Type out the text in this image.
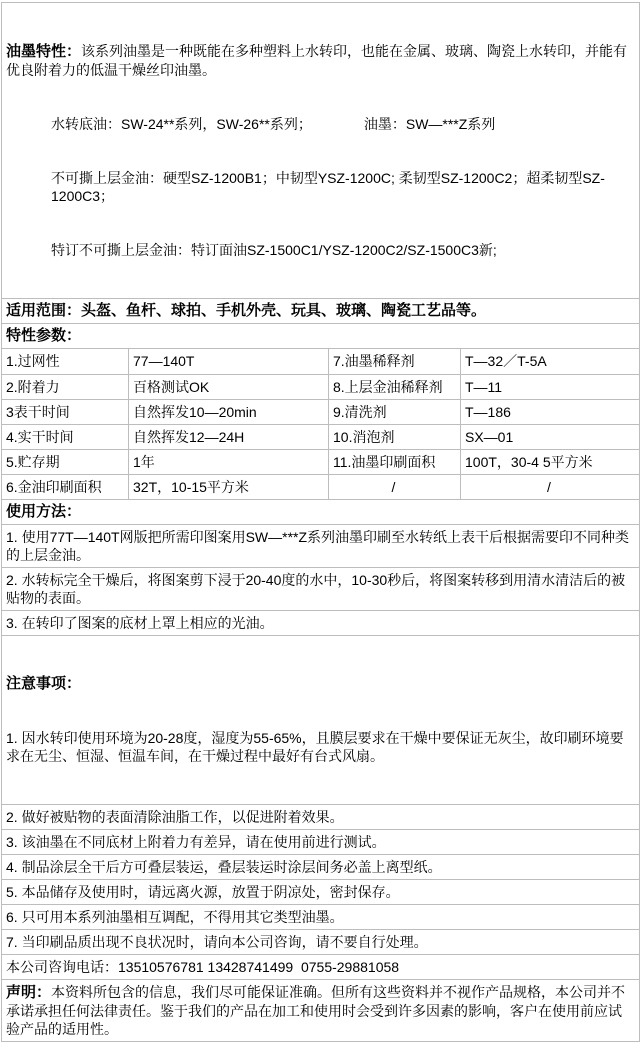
油墨特性：该系列油墨是一种既能在多种塑料上水转印，也能在金属、玻璃、陶瓷上水转印，并能有优良附着力的低温干燥丝印油墨。

水转底油：SW-24**系列，SW-26**系列；	油墨：SW—***Z系列

不可撕上层金油：硬型SZ-1200B1；中韧型YSZ-1200C; 柔韧型SZ-1200C2；超柔韧型SZ-1200C3；

特订不可撕上层金油：特订面油SZ-1500C1/YSZ-1200C2/SZ-1500C3新;

适用范围：头盔、鱼杆、球拍、手机外壳、玩具、玻璃、陶瓷工艺品等。
特性参数：
1.过网性	77—140T	7.油墨稀释剂	T—32／T-5A
2.附着力	百格测试OK	8.上层金油稀释剂	T—11
3表干时间	自然挥发10—20min	9.清洗剂	T—186
4.实干时间	自然挥发12—24H	10.消泡剂	SX—01
5.贮存期	1年	11.油墨印刷面积	100T，30-4 5平方米
6.金油印刷面积	32T，10-15平方米	/	/
使用方法：
1. 使用77T—140T网版把所需印图案用SW—***Z系列油墨印刷至水转纸上表干后根据需要印不同种类的上层金油。
2. 水转标完全干燥后，将图案剪下浸于20-40度的水中，10-30秒后，将图案转移到用清水清洁后的被贴物的表面。
3. 在转印了图案的底材上罩上相应的光油。

注意事项：

1. 因水转印使用环境为20-28度，湿度为55-65%，且膜层要求在干燥中要保证无灰尘，故印刷环境要求在无尘、恒湿、恒温车间，在干燥过程中最好有台式风扇。

2. 做好被贴物的表面清除油脂工作，以促进附着效果。
3. 该油墨在不同底材上附着力有差异，请在使用前进行测试。
4. 制品涂层全干后方可叠层装运，叠层装运时涂层间务必盖上离型纸。
5. 本品储存及使用时，请远离火源，放置于阴凉处，密封保存。
6. 只可用本系列油墨相互调配，不得用其它类型油墨。
7. 当印刷品质出现不良状况时，请向本公司咨询，请不要自行处理。
本公司咨询电话：13510576781 13428741499  0755-29881058
声明：本资料所包含的信息，我们尽可能保证准确。但所有这些资料并不视作产品规格，本公司并不承诺承担任何法律责任。鉴于我们的产品在加工和使用时会受到许多因素的影响，客户在使用前应试验产品的适用性。
